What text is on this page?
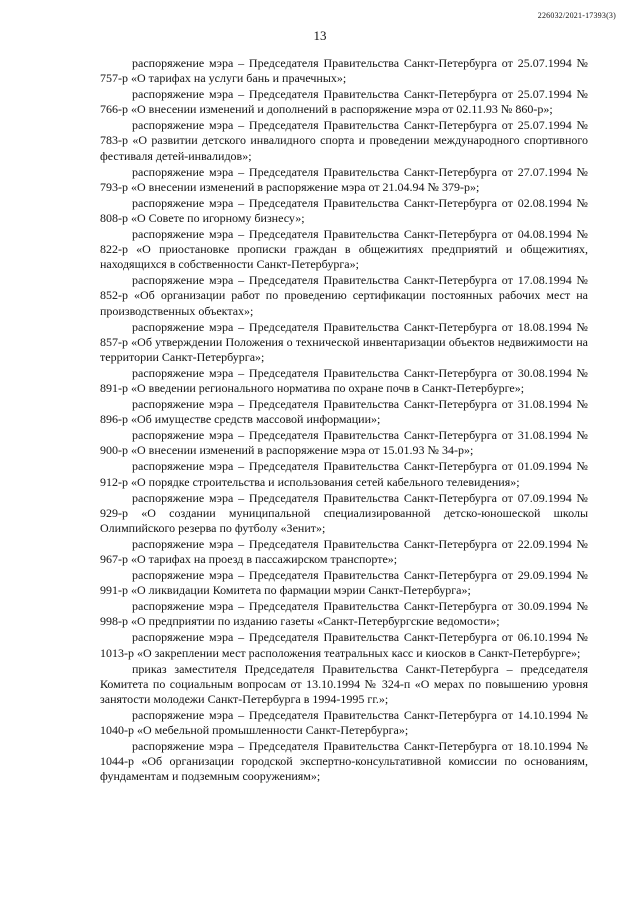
13
226032/2021-17393(3)

распоряжение мэра – Председателя Правительства Санкт-Петербурга от 25.07.1994 № 757-р «О тарифах на услуги бань и прачечных»;

распоряжение мэра – Председателя Правительства Санкт-Петербурга от 25.07.1994 № 766-р «О внесении изменений и дополнений в распоряжение мэра от 02.11.93 № 860-р»;

распоряжение мэра – Председателя Правительства Санкт-Петербурга от 25.07.1994 № 783-р «О развитии детского инвалидного спорта и проведении международного спортивного фестиваля детей-инвалидов»;

распоряжение мэра – Председателя Правительства Санкт-Петербурга от 27.07.1994 № 793-р «О внесении изменений в распоряжение мэра от 21.04.94 № 379-р»;

распоряжение мэра – Председателя Правительства Санкт-Петербурга от 02.08.1994 № 808-р «О Совете по игорному бизнесу»;

распоряжение мэра – Председателя Правительства Санкт-Петербурга от 04.08.1994 № 822-р «О приостановке прописки граждан в общежитиях предприятий и общежитиях, находящихся в собственности Санкт-Петербурга»;

распоряжение мэра – Председателя Правительства Санкт-Петербурга от 17.08.1994 № 852-р «Об организации работ по проведению сертификации постоянных рабочих мест на производственных объектах»;

распоряжение мэра – Председателя Правительства Санкт-Петербурга от 18.08.1994 № 857-р «Об утверждении Положения о технической инвентаризации объектов недвижимости на территории Санкт-Петербурга»;

распоряжение мэра – Председателя Правительства Санкт-Петербурга от 30.08.1994 № 891-р «О введении регионального норматива по охране почв в Санкт-Петербурге»;

распоряжение мэра – Председателя Правительства Санкт-Петербурга от 31.08.1994 № 896-р «Об имуществе средств массовой информации»;

распоряжение мэра – Председателя Правительства Санкт-Петербурга от 31.08.1994 № 900-р «О внесении изменений в распоряжение мэра от 15.01.93 № 34-р»;

распоряжение мэра – Председателя Правительства Санкт-Петербурга от 01.09.1994 № 912-р «О порядке строительства и использования сетей кабельного телевидения»;

распоряжение мэра – Председателя Правительства Санкт-Петербурга от 07.09.1994 № 929-р «О создании муниципальной специализированной детско-юношеской школы Олимпийского резерва по футболу «Зенит»;

распоряжение мэра – Председателя Правительства Санкт-Петербурга от 22.09.1994 № 967-р «О тарифах на проезд в пассажирском транспорте»;

распоряжение мэра – Председателя Правительства Санкт-Петербурга от 29.09.1994 № 991-р «О ликвидации Комитета по фармации мэрии Санкт-Петербурга»;

распоряжение мэра – Председателя Правительства Санкт-Петербурга от 30.09.1994 № 998-р «О предприятии по изданию газеты «Санкт-Петербургские ведомости»;

распоряжение мэра – Председателя Правительства Санкт-Петербурга от 06.10.1994 № 1013-р «О закреплении мест расположения театральных касс и киосков в Санкт-Петербурге»;

приказ заместителя Председателя Правительства Санкт-Петербурга – председателя Комитета по социальным вопросам от 13.10.1994 № 324-п «О мерах по повышению уровня занятости молодежи Санкт-Петербурга в 1994-1995 гг.»;

распоряжение мэра – Председателя Правительства Санкт-Петербурга от 14.10.1994 № 1040-р «О мебельной промышленности Санкт-Петербурга»;

распоряжение мэра – Председателя Правительства Санкт-Петербурга от 18.10.1994 № 1044-р «Об организации городской экспертно-консультативной комиссии по основаниям, фундаментам и подземным сооружениям»;
